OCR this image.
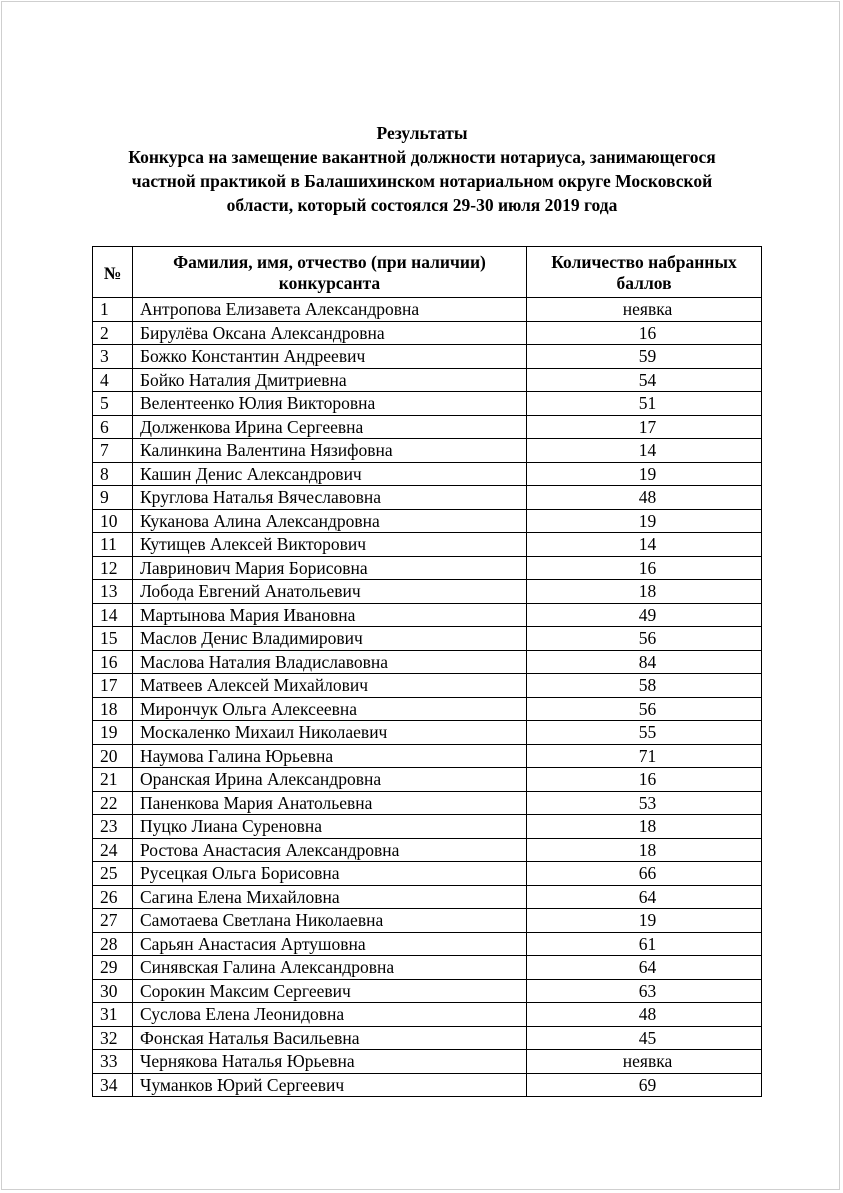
Результаты
Конкурса на замещение вакантной должности нотариуса, занимающегося
частной практикой в Балашихинском нотариальном округе Московской
области, который состоялся 29-30 июля 2019 года
№	Фамилия, имя, отчество (при наличии) конкурсанта	Количество набранных баллов
1	Антропова Елизавета Александровна	неявка
2	Бирулёва Оксана Александровна	16
3	Божко Константин Андреевич	59
4	Бойко Наталия Дмитриевна	54
5	Велентеенко Юлия Викторовна	51
6	Долженкова Ирина Сергеевна	17
7	Калинкина Валентина Нязифовна	14
8	Кашин Денис Александрович	19
9	Круглова Наталья Вячеславовна	48
10	Куканова Алина Александровна	19
11	Кутищев Алексей Викторович	14
12	Лавринович Мария Борисовна	16
13	Лобода Евгений Анатольевич	18
14	Мартынова Мария Ивановна	49
15	Маслов Денис Владимирович	56
16	Маслова Наталия Владиславовна	84
17	Матвеев Алексей Михайлович	58
18	Мирончук Ольга Алексеевна	56
19	Москаленко Михаил Николаевич	55
20	Наумова Галина Юрьевна	71
21	Оранская Ирина Александровна	16
22	Паненкова Мария Анатольевна	53
23	Пуцко Лиана Суреновна	18
24	Ростова Анастасия Александровна	18
25	Русецкая Ольга Борисовна	66
26	Сагина Елена Михайловна	64
27	Самотаева Светлана Николаевна	19
28	Сарьян Анастасия Артушовна	61
29	Синявская Галина Александровна	64
30	Сорокин Максим Сергеевич	63
31	Суслова Елена Леонидовна	48
32	Фонская Наталья Васильевна	45
33	Чернякова Наталья Юрьевна	неявка
34	Чуманков Юрий Сергеевич	69
